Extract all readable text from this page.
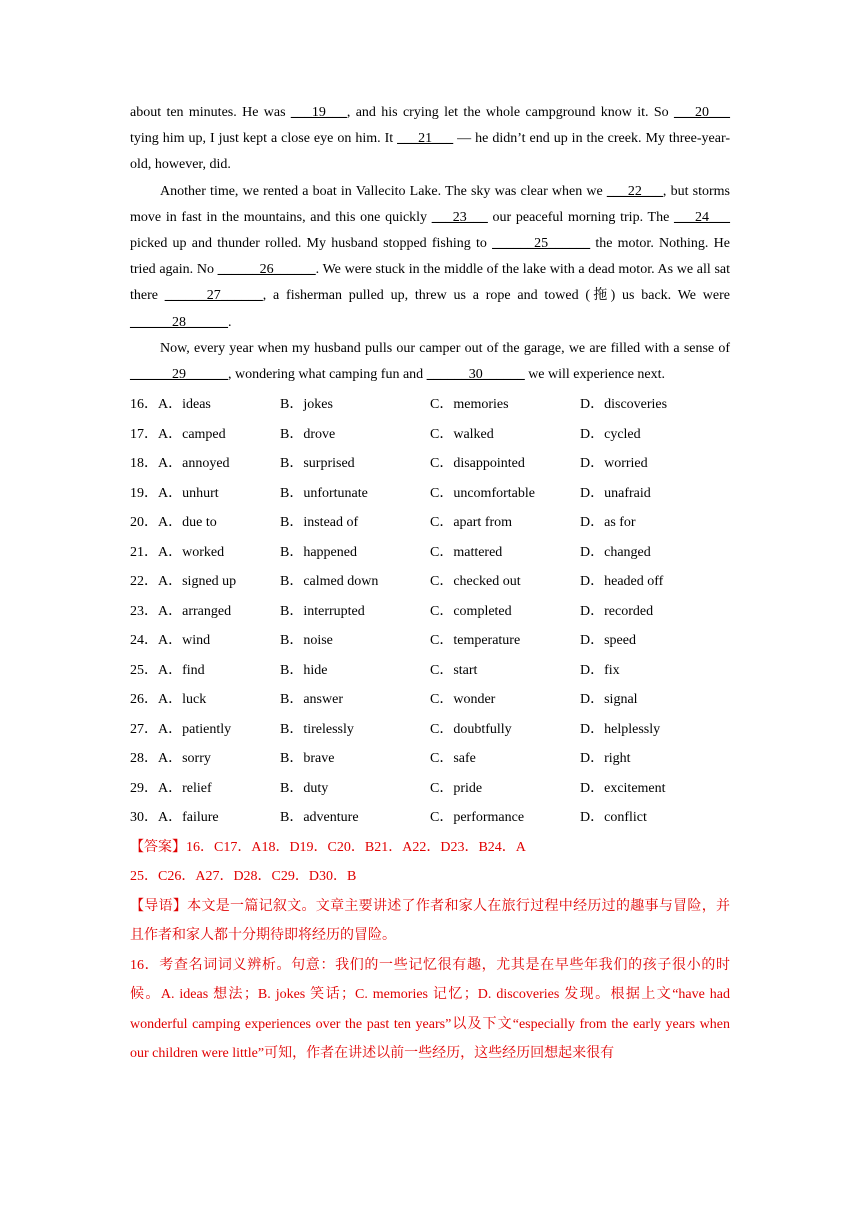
about ten minutes. He was ___19___, and his crying let the whole campground know it. So ___20___ tying him up, I just kept a close eye on him. It ___21___ — he didn’t end up in the creek. My three-year-old, however, did.

Another time, we rented a boat in Vallecito Lake. The sky was clear when we ___22___, but storms move in fast in the mountains, and this one quickly ___23___ our peaceful morning trip. The ___24___ picked up and thunder rolled. My husband stopped fishing to ______25______ the motor. Nothing. He tried again. No ______26______. We were stuck in the middle of the lake with a dead motor. As we all sat there ______27______, a fisherman pulled up, threw us a rope and towed (拖) us back. We were ______28______.

Now, every year when my husband pulls our camper out of the garage, we are filled with a sense of ______29______, wondering what camping fun and ______30______ we will experience next.

16．A．ideas	B．jokes	C．memories	D．discoveries
17．A．camped	B．drove	C．walked	D．cycled
18．A．annoyed	B．surprised	C．disappointed	D．worried
19．A．unhurt	B．unfortunate	C．uncomfortable	D．unafraid
20．A．due to	B．instead of	C．apart from	D．as for
21．A．worked	B．happened	C．mattered	D．changed
22．A．signed up	B．calmed down	C．checked out	D．headed off
23．A．arranged	B．interrupted	C．completed	D．recorded
24．A．wind	B．noise	C．temperature	D．speed
25．A．find	B．hide	C．start	D．fix
26．A．luck	B．answer	C．wonder	D．signal
27．A．patiently	B．tirelessly	C．doubtfully	D．helplessly
28．A．sorry	B．brave	C．safe	D．right
29．A．relief	B．duty	C．pride	D．excitement
30．A．failure	B．adventure	C．performance	D．conflict

【答案】16．C17．A18．D19．C20．B21．A22．D23．B24．A

25．C26．A27．D28．C29．D30．B

【导语】本文是一篇记叙文。文章主要讲述了作者和家人在旅行过程中经历过的趣事与冒险，并且作者和家人都十分期待即将经历的冒险。

16．考查名词词义辨析。句意：我们的一些记忆很有趣，尤其是在早些年我们的孩子很小的时候。A. ideas 想法；B. jokes 笑话；C. memories 记忆；D. discoveries 发现。根据上文“have had wonderful camping experiences over the past ten years”以及下文“especially from the early years when our children were little”可知，作者在讲述以前一些经历，这些经历回想起来很有
